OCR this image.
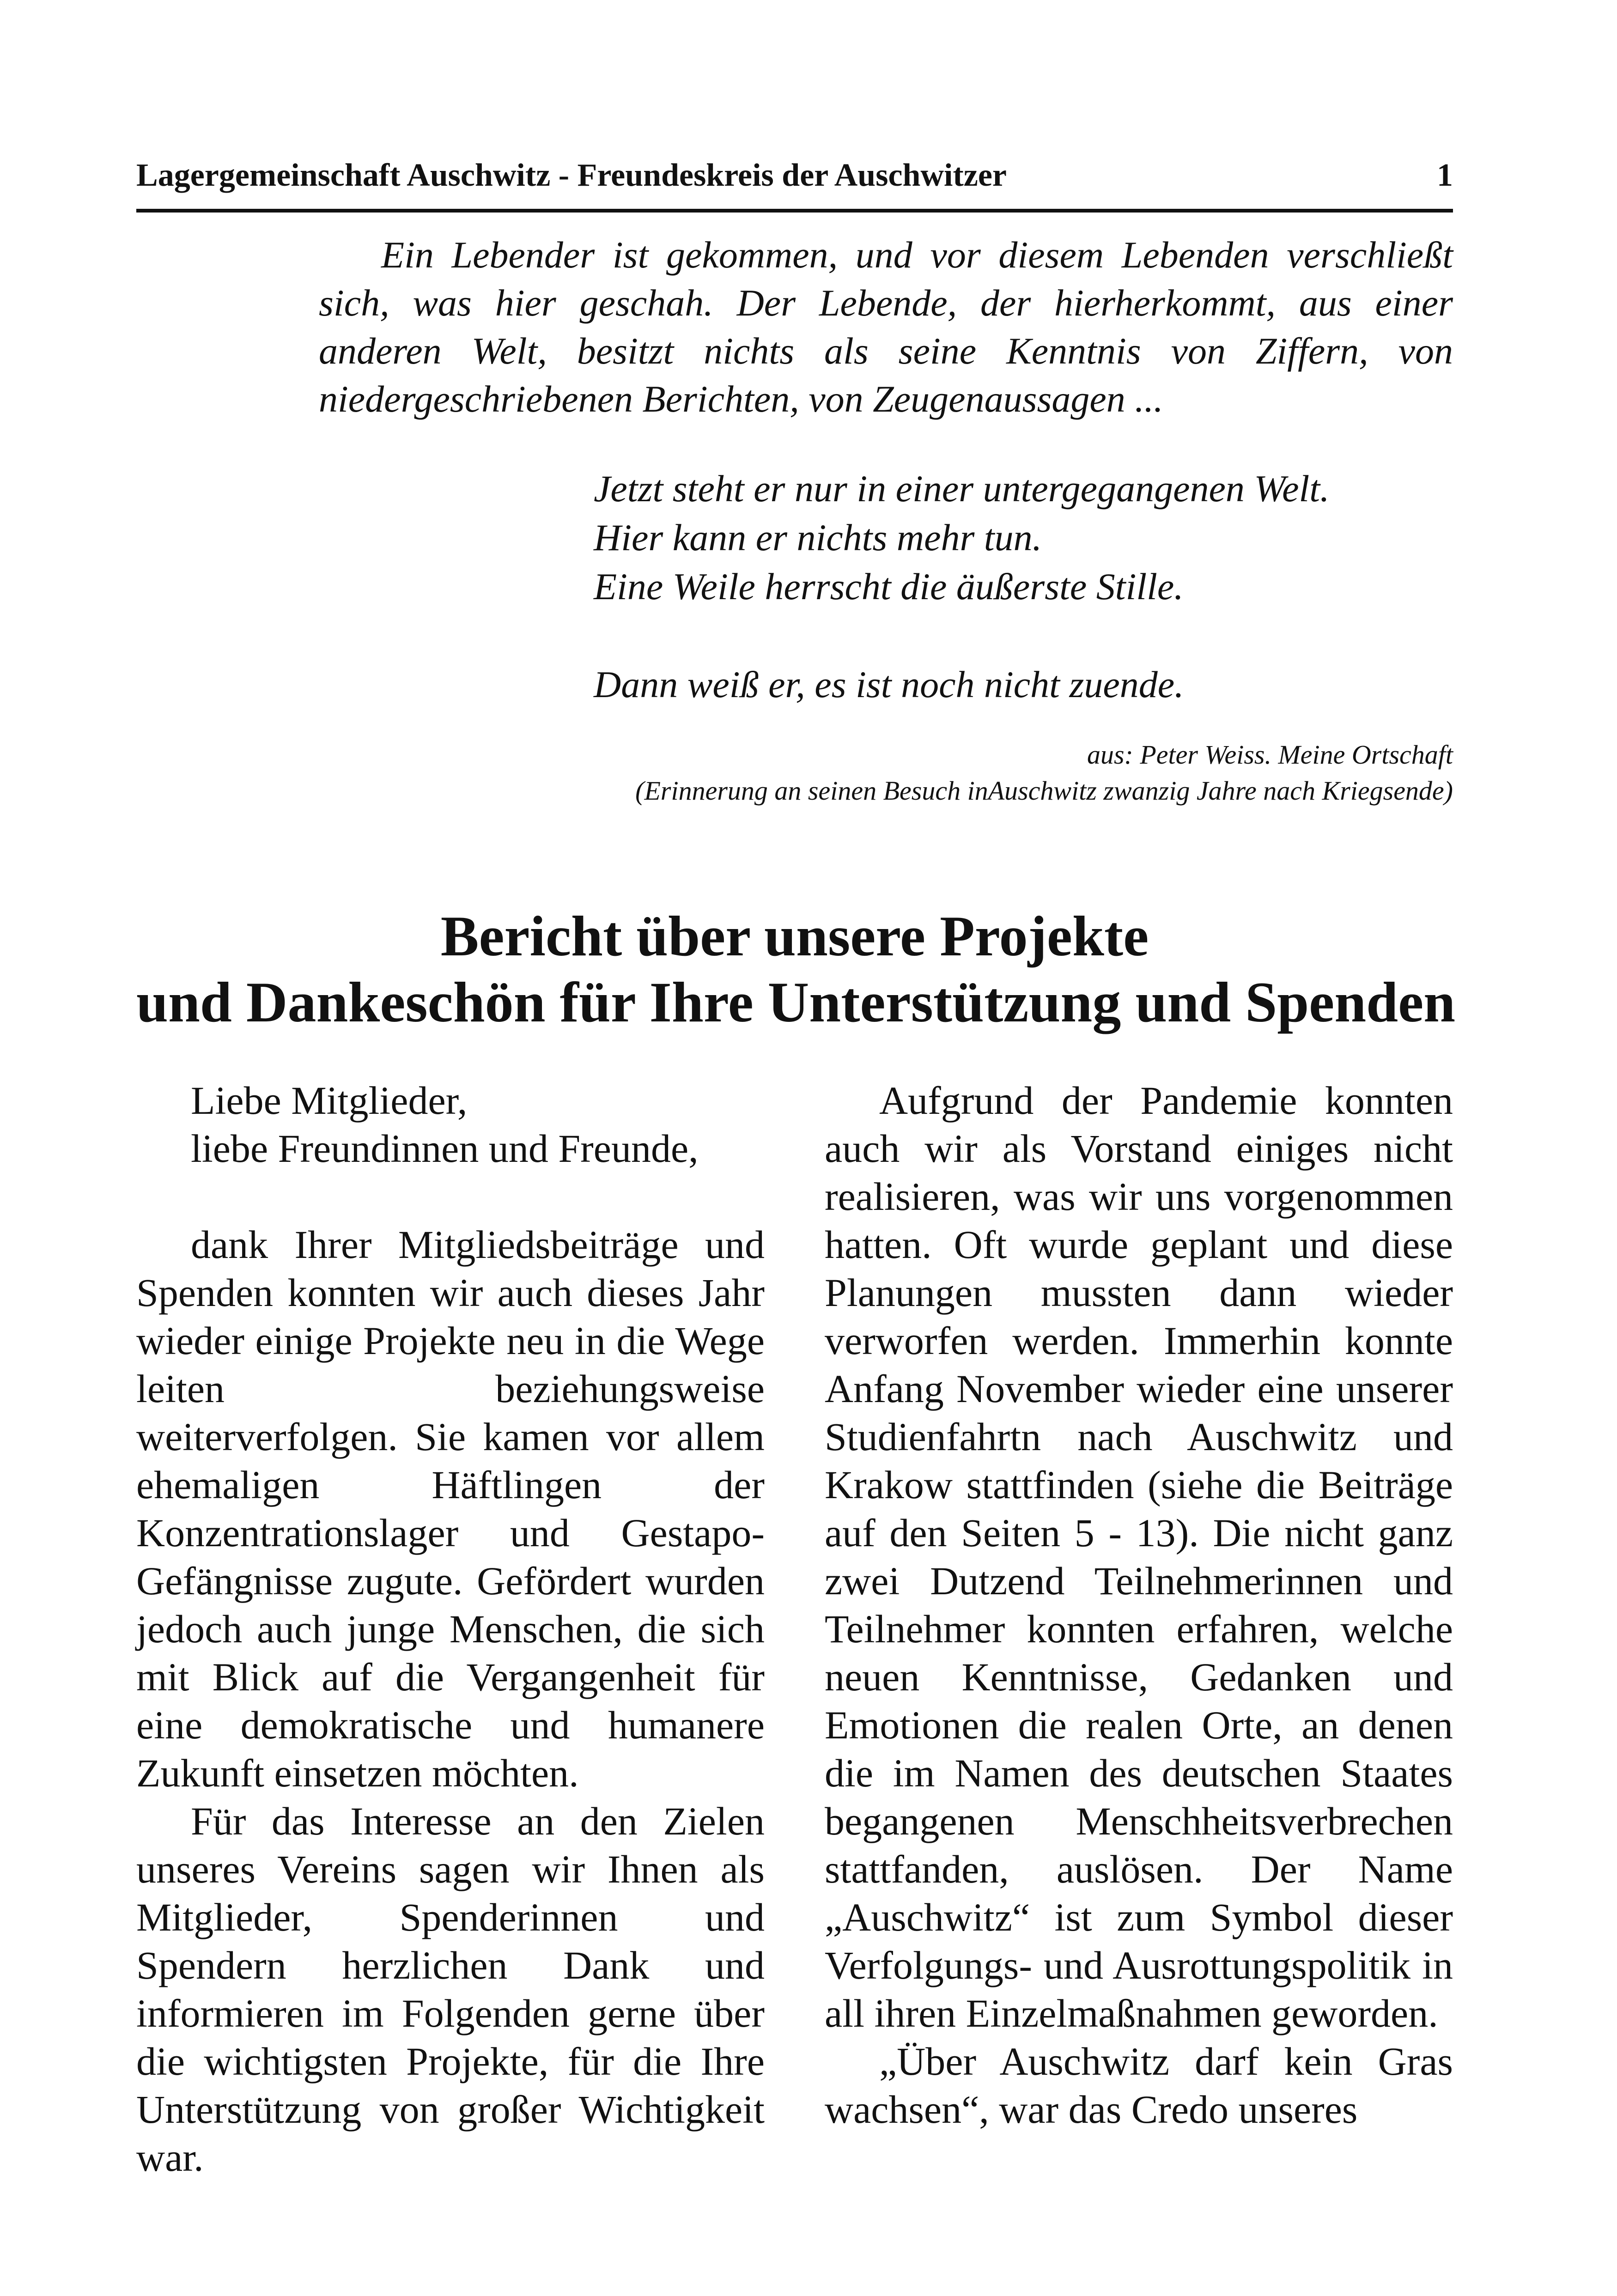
Lagergemeinschaft Auschwitz - Freundeskreis der Auschwitzer	1
Ein Lebender ist gekommen, und vor diesem Lebenden verschließt sich, was hier geschah. Der Lebende, der hierherkommt, aus einer anderen Welt, besitzt nichts als seine Kenntnis von Ziffern, von niedergeschriebenen Berichten, von Zeugenaussagen ...
Jetzt steht er nur in einer untergegangenen Welt.
Hier kann er nichts mehr tun.
Eine Weile herrscht die äußerste Stille.
Dann weiß er, es ist noch nicht zuende.
aus: Peter Weiss. Meine Ortschaft
(Erinnerung an seinen Besuch inAuschwitz zwanzig Jahre nach Kriegsende)
Bericht über unsere Projekte
und Dankeschön für Ihre Unterstützung und Spenden
Liebe Mitglieder,
liebe Freundinnen und Freunde,

dank Ihrer Mitgliedsbeiträge und Spenden konnten wir auch dieses Jahr wieder einige Projekte neu in die Wege leiten beziehungsweise weiterverfolgen. Sie kamen vor allem ehemaligen Häftlingen der Konzentrationslager und Gestapo-Gefängnisse zugute. Gefördert wurden jedoch auch junge Menschen, die sich mit Blick auf die Vergangenheit für eine demokratische und humanere Zukunft einsetzen möchten.

Für das Interesse an den Zielen unseres Vereins sagen wir Ihnen als Mitglieder, Spenderinnen und Spendern herzlichen Dank und informieren im Folgenden gerne über die wichtigsten Projekte, für die Ihre Unterstützung von großer Wichtigkeit war.

Aufgrund der Pandemie konnten auch wir als Vorstand einiges nicht realisieren, was wir uns vorgenommen hatten. Oft wurde geplant und diese Planungen mussten dann wieder verworfen werden. Immerhin konnte Anfang November wieder eine unserer Studienfahrtn nach Auschwitz und Krakow stattfinden (siehe die Beiträge auf den Seiten 5 - 13). Die nicht ganz zwei Dutzend Teilnehmerinnen und Teilnehmer konnten erfahren, welche neuen Kenntnisse, Gedanken und Emotionen die realen Orte, an denen die im Namen des deutschen Staates begangenen Menschheitsverbrechen stattfanden, auslösen. Der Name „Auschwitz“ ist zum Symbol dieser Verfolgungs- und Ausrottungspolitik in all ihren Einzelmaßnahmen geworden.

„Über Auschwitz darf kein Gras wachsen“, war das Credo unseres
